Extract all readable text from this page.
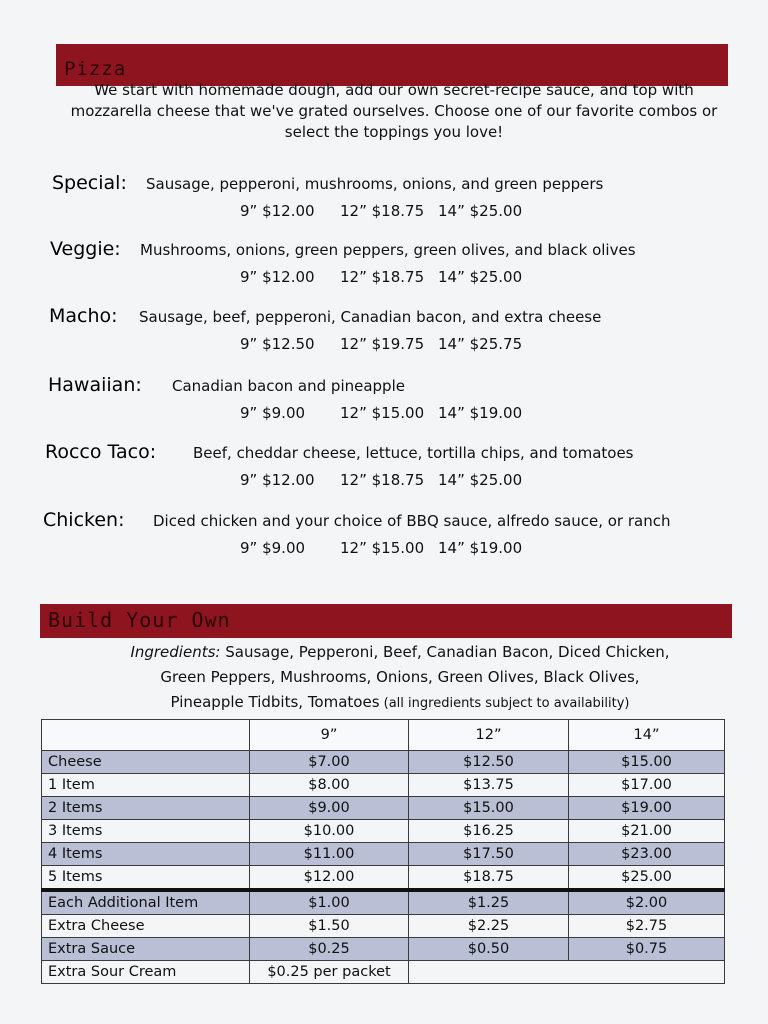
Pizza
We start with homemade dough, add our own secret-recipe sauce, and top with mozzarella cheese that we've grated ourselves. Choose one of our favorite combos or select the toppings you love!
Special: Sausage, pepperoni, mushrooms, onions, and green peppers
9” $12.00 12” $18.75 14” $25.00
Veggie: Mushrooms, onions, green peppers, green olives, and black olives
9” $12.00 12” $18.75 14” $25.00
Macho: Sausage, beef, pepperoni, Canadian bacon, and extra cheese
9” $12.50 12” $19.75 14” $25.75
Hawaiian: Canadian bacon and pineapple
9” $9.00 12” $15.00 14” $19.00
Rocco Taco: Beef, cheddar cheese, lettuce, tortilla chips, and tomatoes
9” $12.00 12” $18.75 14” $25.00
Chicken: Diced chicken and your choice of BBQ sauce, alfredo sauce, or ranch
9” $9.00 12” $15.00 14” $19.00
Build Your Own
Ingredients: Sausage, Pepperoni, Beef, Canadian Bacon, Diced Chicken,
Green Peppers, Mushrooms, Onions, Green Olives, Black Olives,
Pineapple Tidbits, Tomatoes (all ingredients subject to availability)
	9”	12”	14”
Cheese	$7.00	$12.50	$15.00
1 Item	$8.00	$13.75	$17.00
2 Items	$9.00	$15.00	$19.00
3 Items	$10.00	$16.25	$21.00
4 Items	$11.00	$17.50	$23.00
5 Items	$12.00	$18.75	$25.00
Each Additional Item	$1.00	$1.25	$2.00
Extra Cheese	$1.50	$2.25	$2.75
Extra Sauce	$0.25	$0.50	$0.75
Extra Sour Cream	$0.25 per packet		
